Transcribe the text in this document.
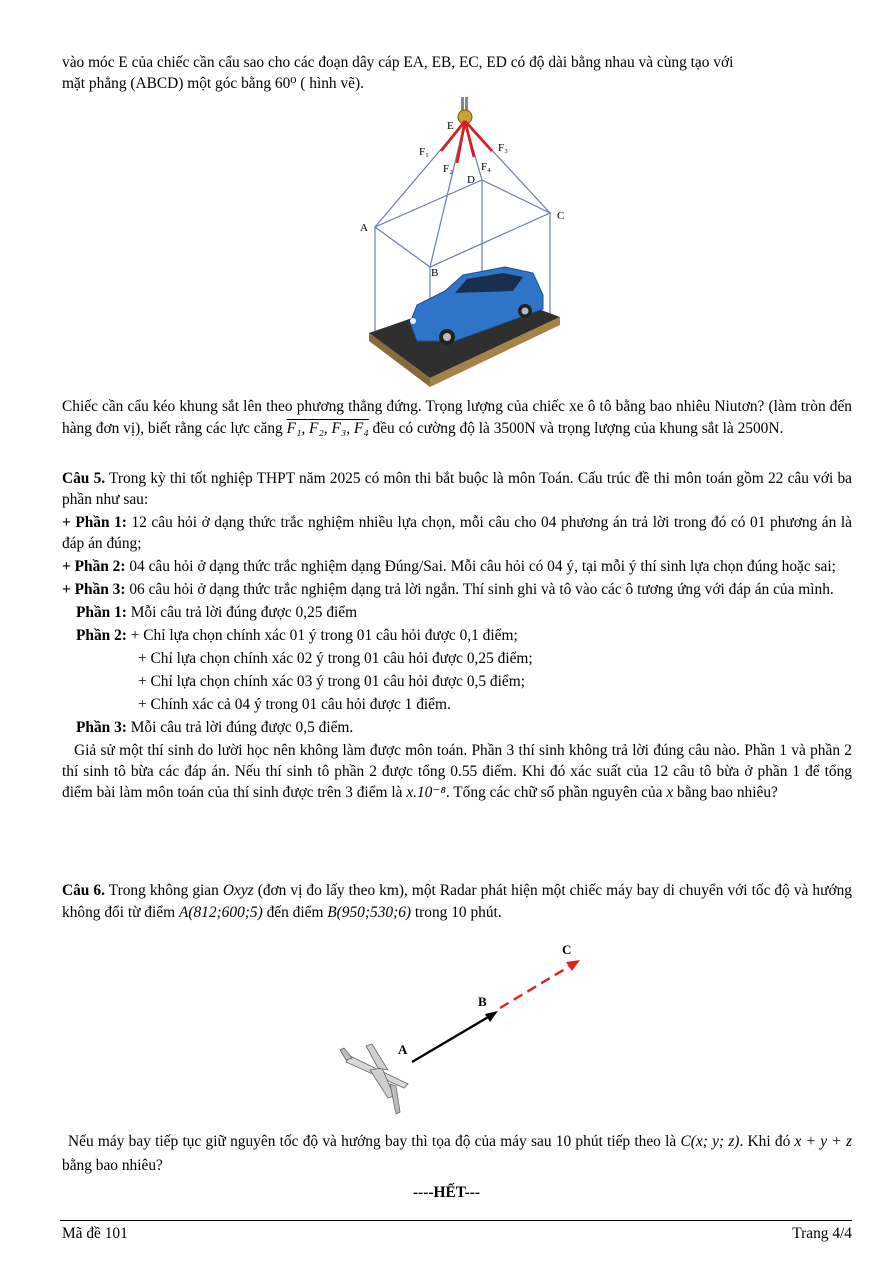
vào móc E của chiếc cần cẩu sao cho các đoạn dây cáp EA, EB, EC, ED có độ dài bằng nhau và cùng tạo với

mặt phẳng (ABCD) một góc bằng 60⁰ ( hình vẽ).

Chiếc cần cẩu kéo khung sắt lên theo phương thẳng đứng. Trọng lượng của chiếc xe ô tô bằng bao nhiêu Niutơn? (làm tròn đến hàng đơn vị), biết rằng các lực căng F₁, F₂, F₃, F₄ đều có cường độ là 3500N và trọng lượng của khung sắt là 2500N.

Câu 5. Trong kỳ thi tốt nghiệp THPT năm 2025 có môn thi bắt buộc là môn Toán. Cấu trúc đề thi môn toán gồm 22 câu với ba phần như sau:

+ Phần 1: 12 câu hỏi ở dạng thức trắc nghiệm nhiều lựa chọn, mỗi câu cho 04 phương án trả lời trong đó có 01 phương án là đáp án đúng;

+ Phần 2: 04 câu hỏi ở dạng thức trắc nghiệm dạng Đúng/Sai. Mỗi câu hỏi có 04 ý, tại mỗi ý thí sinh lựa chọn đúng hoặc sai;

+ Phần 3: 06 câu hỏi ở dạng thức trắc nghiệm dạng trả lời ngắn. Thí sinh ghi và tô vào các ô tương ứng với đáp án của mình.

Phần 1: Mỗi câu trả lời đúng được 0,25 điểm

Phần 2: + Chỉ lựa chọn chính xác 01 ý trong 01 câu hỏi được 0,1 điểm;

+ Chỉ lựa chọn chính xác 02 ý trong 01 câu hỏi được 0,25 điểm;

+ Chỉ lựa chọn chính xác 03 ý trong 01 câu hỏi được 0,5 điểm;

+ Chính xác cả 04 ý trong 01 câu hỏi được 1 điểm.

Phần 3: Mỗi câu trả lời đúng được 0,5 điểm.

Giả sử một thí sinh do lười học nên không làm được môn toán. Phần 3 thí sinh không trả lời đúng câu nào. Phần 1 và phần 2 thí sinh tô bừa các đáp án. Nếu thí sinh tô phần 2 được tổng 0.55 điểm. Khi đó xác suất của 12 câu tô bừa ở phần 1 để tổng điểm bài làm môn toán của thí sinh được trên 3 điểm là x.10⁻⁸. Tổng các chữ số phần nguyên của x bằng bao nhiêu?

Câu 6. Trong không gian Oxyz (đơn vị đo lấy theo km), một Radar phát hiện một chiếc máy bay di chuyển với tốc độ và hướng không đổi từ điểm A(812;600;5) đến điểm B(950;530;6) trong 10 phút.

Nếu máy bay tiếp tục giữ nguyên tốc độ và hướng bay thì tọa độ của máy sau 10 phút tiếp theo là C(x; y; z). Khi đó x + y + z bằng bao nhiêu?

E
A
B
C
D
F₁
F₂
F₃
F₄
A
B
C
----HẾT---
Mã đề 101	Trang 4/4
